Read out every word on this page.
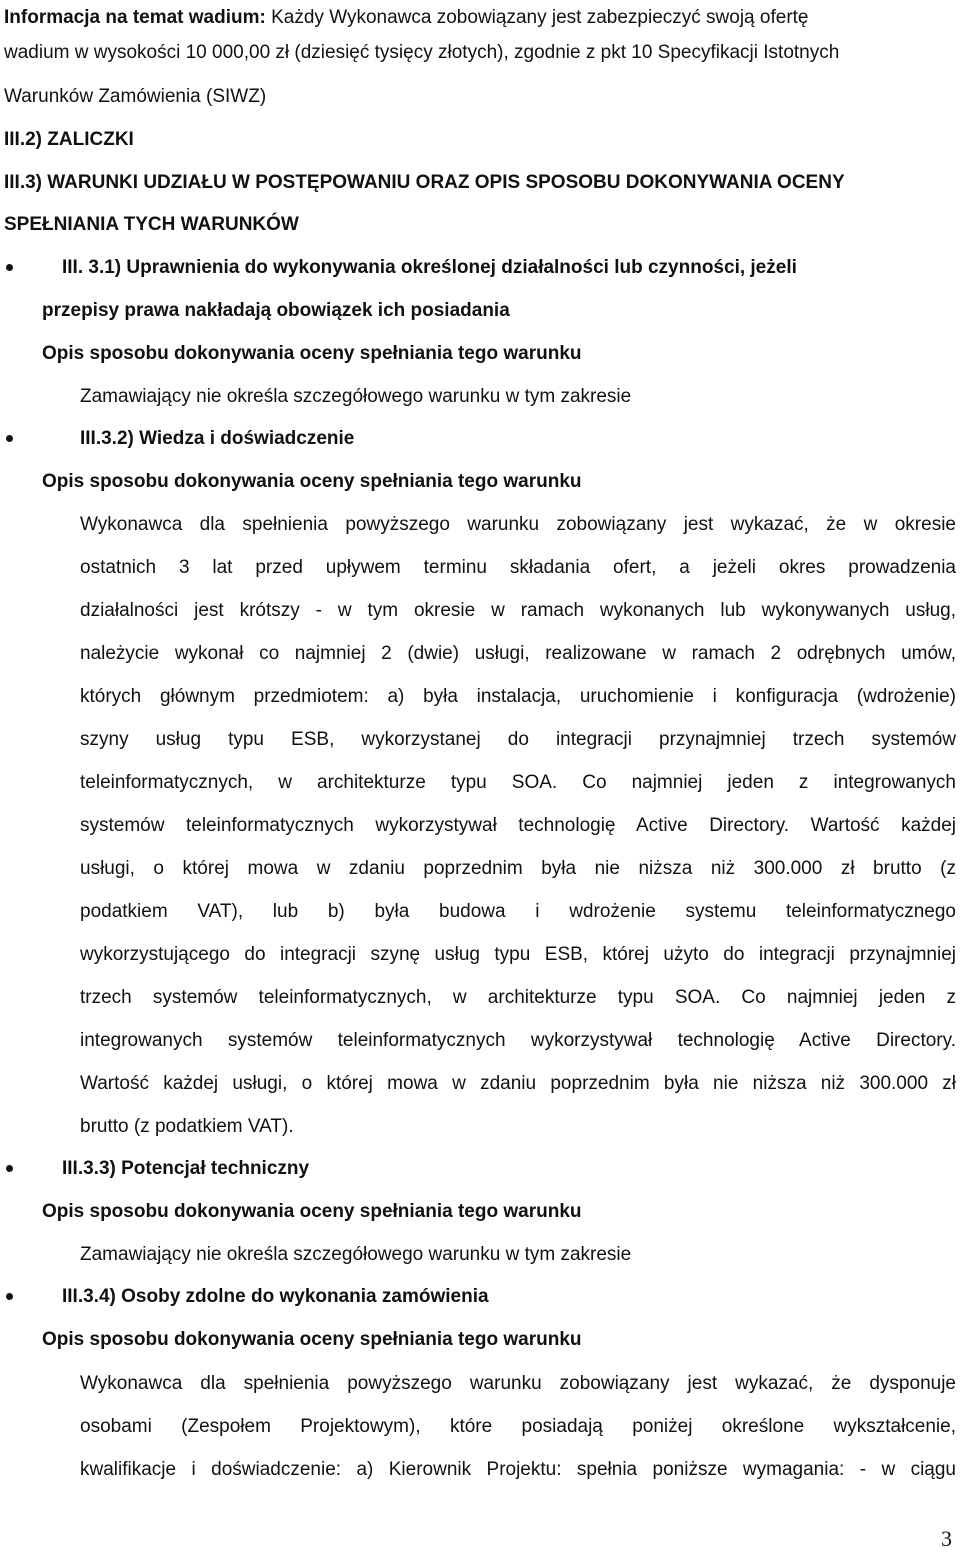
Informacja na temat wadium: Każdy Wykonawca zobowiązany jest zabezpieczyć swoją ofertę
wadium w wysokości 10 000,00 zł (dziesięć tysięcy złotych), zgodnie z pkt 10 Specyfikacji Istotnych
Warunków Zamówienia (SIWZ)
III.2) ZALICZKI
III.3) WARUNKI UDZIAŁU W POSTĘPOWANIU ORAZ OPIS SPOSOBU DOKONYWANIA OCENY
SPEŁNIANIA TYCH WARUNKÓW
III. 3.1) Uprawnienia do wykonywania określonej działalności lub czynności, jeżeli
przepisy prawa nakładają obowiązek ich posiadania
Opis sposobu dokonywania oceny spełniania tego warunku
Zamawiający nie określa szczegółowego warunku w tym zakresie
III.3.2) Wiedza i doświadczenie
Opis sposobu dokonywania oceny spełniania tego warunku
Wykonawca dla spełnienia powyższego warunku zobowiązany jest wykazać, że w okresie
ostatnich 3 lat przed upływem terminu składania ofert, a jeżeli okres prowadzenia
działalności jest krótszy - w tym okresie w ramach wykonanych lub wykonywanych usług,
należycie wykonał co najmniej 2 (dwie) usługi, realizowane w ramach 2 odrębnych umów,
których głównym przedmiotem: a) była instalacja, uruchomienie i konfiguracja (wdrożenie)
szyny usług typu ESB, wykorzystanej do integracji przynajmniej trzech systemów
teleinformatycznych, w architekturze typu SOA. Co najmniej jeden z integrowanych
systemów teleinformatycznych wykorzystywał technologię Active Directory. Wartość każdej
usługi, o której mowa w zdaniu poprzednim była nie niższa niż 300.000 zł brutto (z
podatkiem VAT), lub b) była budowa i wdrożenie systemu teleinformatycznego
wykorzystującego do integracji szynę usług typu ESB, której użyto do integracji przynajmniej
trzech systemów teleinformatycznych, w architekturze typu SOA. Co najmniej jeden z
integrowanych systemów teleinformatycznych wykorzystywał technologię Active Directory.
Wartość każdej usługi, o której mowa w zdaniu poprzednim była nie niższa niż 300.000 zł
brutto (z podatkiem VAT).
III.3.3) Potencjał techniczny
Opis sposobu dokonywania oceny spełniania tego warunku
Zamawiający nie określa szczegółowego warunku w tym zakresie
III.3.4) Osoby zdolne do wykonania zamówienia
Opis sposobu dokonywania oceny spełniania tego warunku
Wykonawca dla spełnienia powyższego warunku zobowiązany jest wykazać, że dysponuje
osobami (Zespołem Projektowym), które posiadają poniżej określone wykształcenie,
kwalifikacje i doświadczenie: a) Kierownik Projektu: spełnia poniższe wymagania: - w ciągu
3
